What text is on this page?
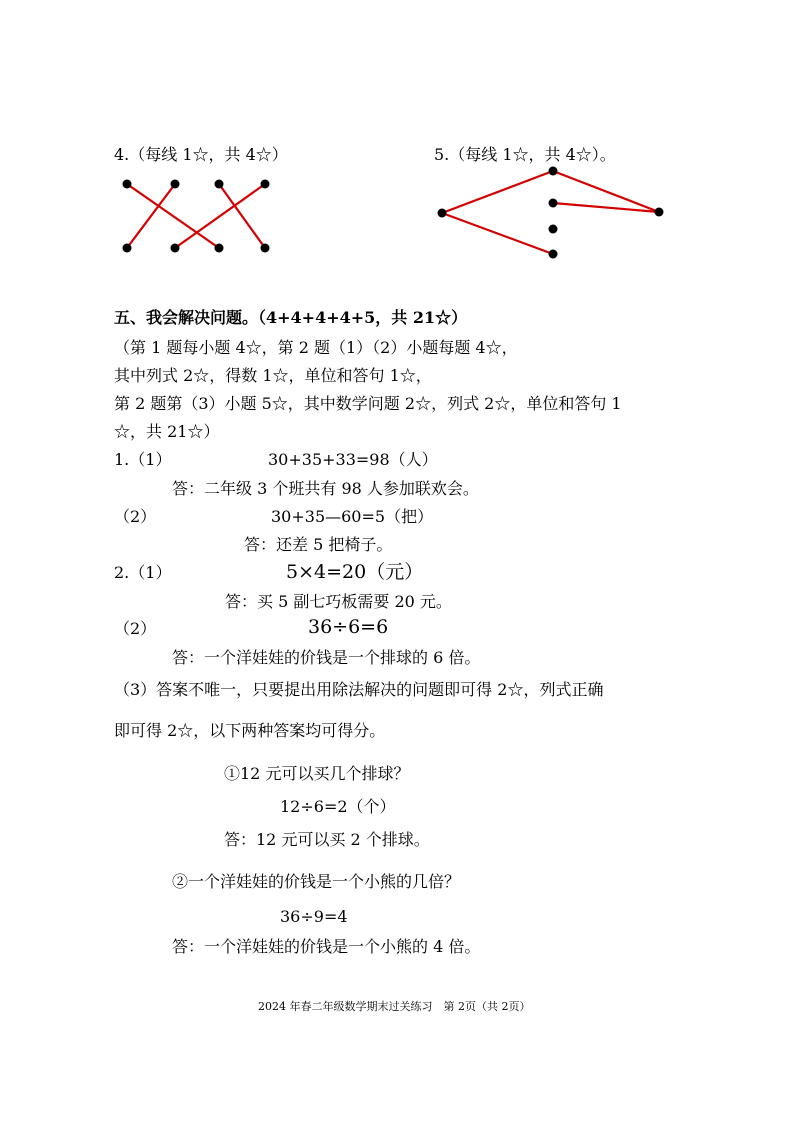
4.（每线 1☆，共 4☆）	5.（每线 1☆，共 4☆）。
五、我会解决问题。（4+4+4+4+5，共 21☆）
（第 1 题每小题 4☆，第 2 题（1）（2）小题每题 4☆，
其中列式 2☆，得数 1☆，单位和答句 1☆，
第 2 题第（3）小题 5☆，其中数学问题 2☆，列式 2☆，单位和答句 1
☆，共 21☆）
1.（1）	30+35+33=98（人）
答：二年级 3 个班共有 98 人参加联欢会。
（2）	30+35—60=5（把）
答：还差 5 把椅子。
2.（1）	5×4=20（元）
答：买 5 副七巧板需要 20 元。
（2）	36÷6=6
答：一个洋娃娃的价钱是一个排球的 6 倍。
（3）答案不唯一，只要提出用除法解决的问题即可得 2☆，列式正确
即可得 2☆，以下两种答案均可得分。
①12 元可以买几个排球？
12÷6=2（个）
答：12 元可以买 2 个排球。
②一个洋娃娃的价钱是一个小熊的几倍？
36÷9=4
答：一个洋娃娃的价钱是一个小熊的 4 倍。
2024 年春二年级数学期末过关练习　第 2页（共 2页）
